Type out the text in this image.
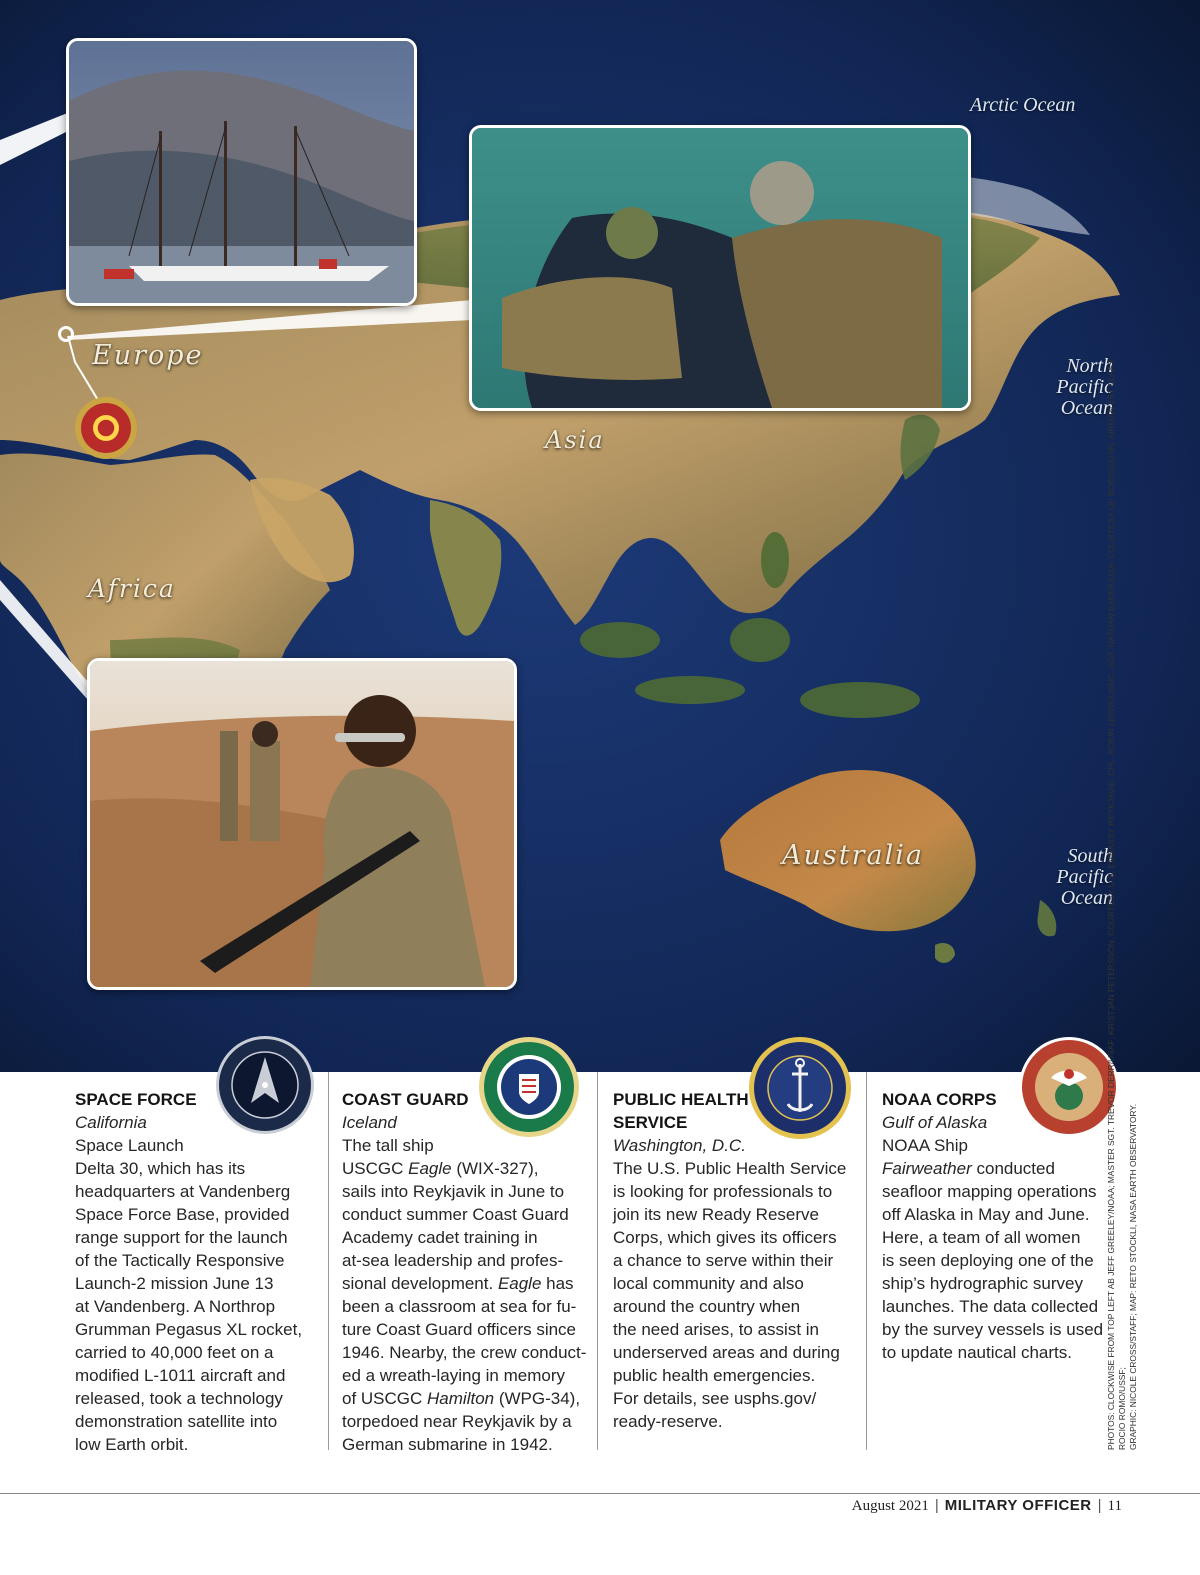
Europe
Asia
Africa
Australia
Arctic Ocean
North
Pacific
Ocean
South
Pacific
Ocean
SPACE FORCE
California
Space Launch
Delta 30, which has its
headquarters at Vandenberg
Space Force Base, provided
range support for the launch
of the Tactically Responsive
Launch-2 mission June 13
at Vandenberg. A Northrop
Grumman Pegasus XL rocket,
carried to 40,000 feet on a
modified L-1011 aircraft and
released, took a technology
demonstration satellite into
low Earth orbit.
COAST GUARD
Iceland
The tall ship
USCGC Eagle (WIX-327),
sails into Reykjavik in June to
conduct summer Coast Guard
Academy cadet training in
at-sea leadership and profes-
sional development. Eagle has
been a classroom at sea for fu-
ture Coast Guard officers since
1946. Nearby, the crew conduct-
ed a wreath-laying in memory
of USCGC Hamilton (WPG-34),
torpedoed near Reykjavik by a
German submarine in 1942.
PUBLIC HEALTH
SERVICE
Washington, D.C.
The U.S. Public Health Service
is looking for professionals to
join its new Ready Reserve
Corps, which gives its officers
a chance to serve within their
local community and also
around the country when
the need arises, to assist in
underserved areas and during
public health emergencies.
For details, see usphs.gov/
ready-reserve.
NOAA CORPS
Gulf of Alaska
NOAA Ship
Fairweather conducted
seafloor mapping operations
off Alaska in May and June.
Here, a team of all women
is seen deploying one of the
ship’s hydrographic survey
launches. The data collected
by the survey vessels is used
to update nautical charts.	PHOTOS: CLOCKWISE FROM TOP LEFT AB JEFF GREELEY/NOAA; MASTER SGT. TREVOR DERR/USAF; KRISTJAN PETERSSON, COURTESY U.S. EMBASSY REYKJAVIK; CPL. ROBIN LEWIS/USMC; SGT. NATHAN BAKER/USA; COURTESY OF BOEING/USN; AIRMAN 1ST CLASS ROCIO ROMO/USSF; GRAPHIC: NICOLE CROSS/STAFF; MAP: RETO STÖCKLI, NASA EARTH OBSERVATORY.
August 2021 | MILITARY OFFICER | 11
